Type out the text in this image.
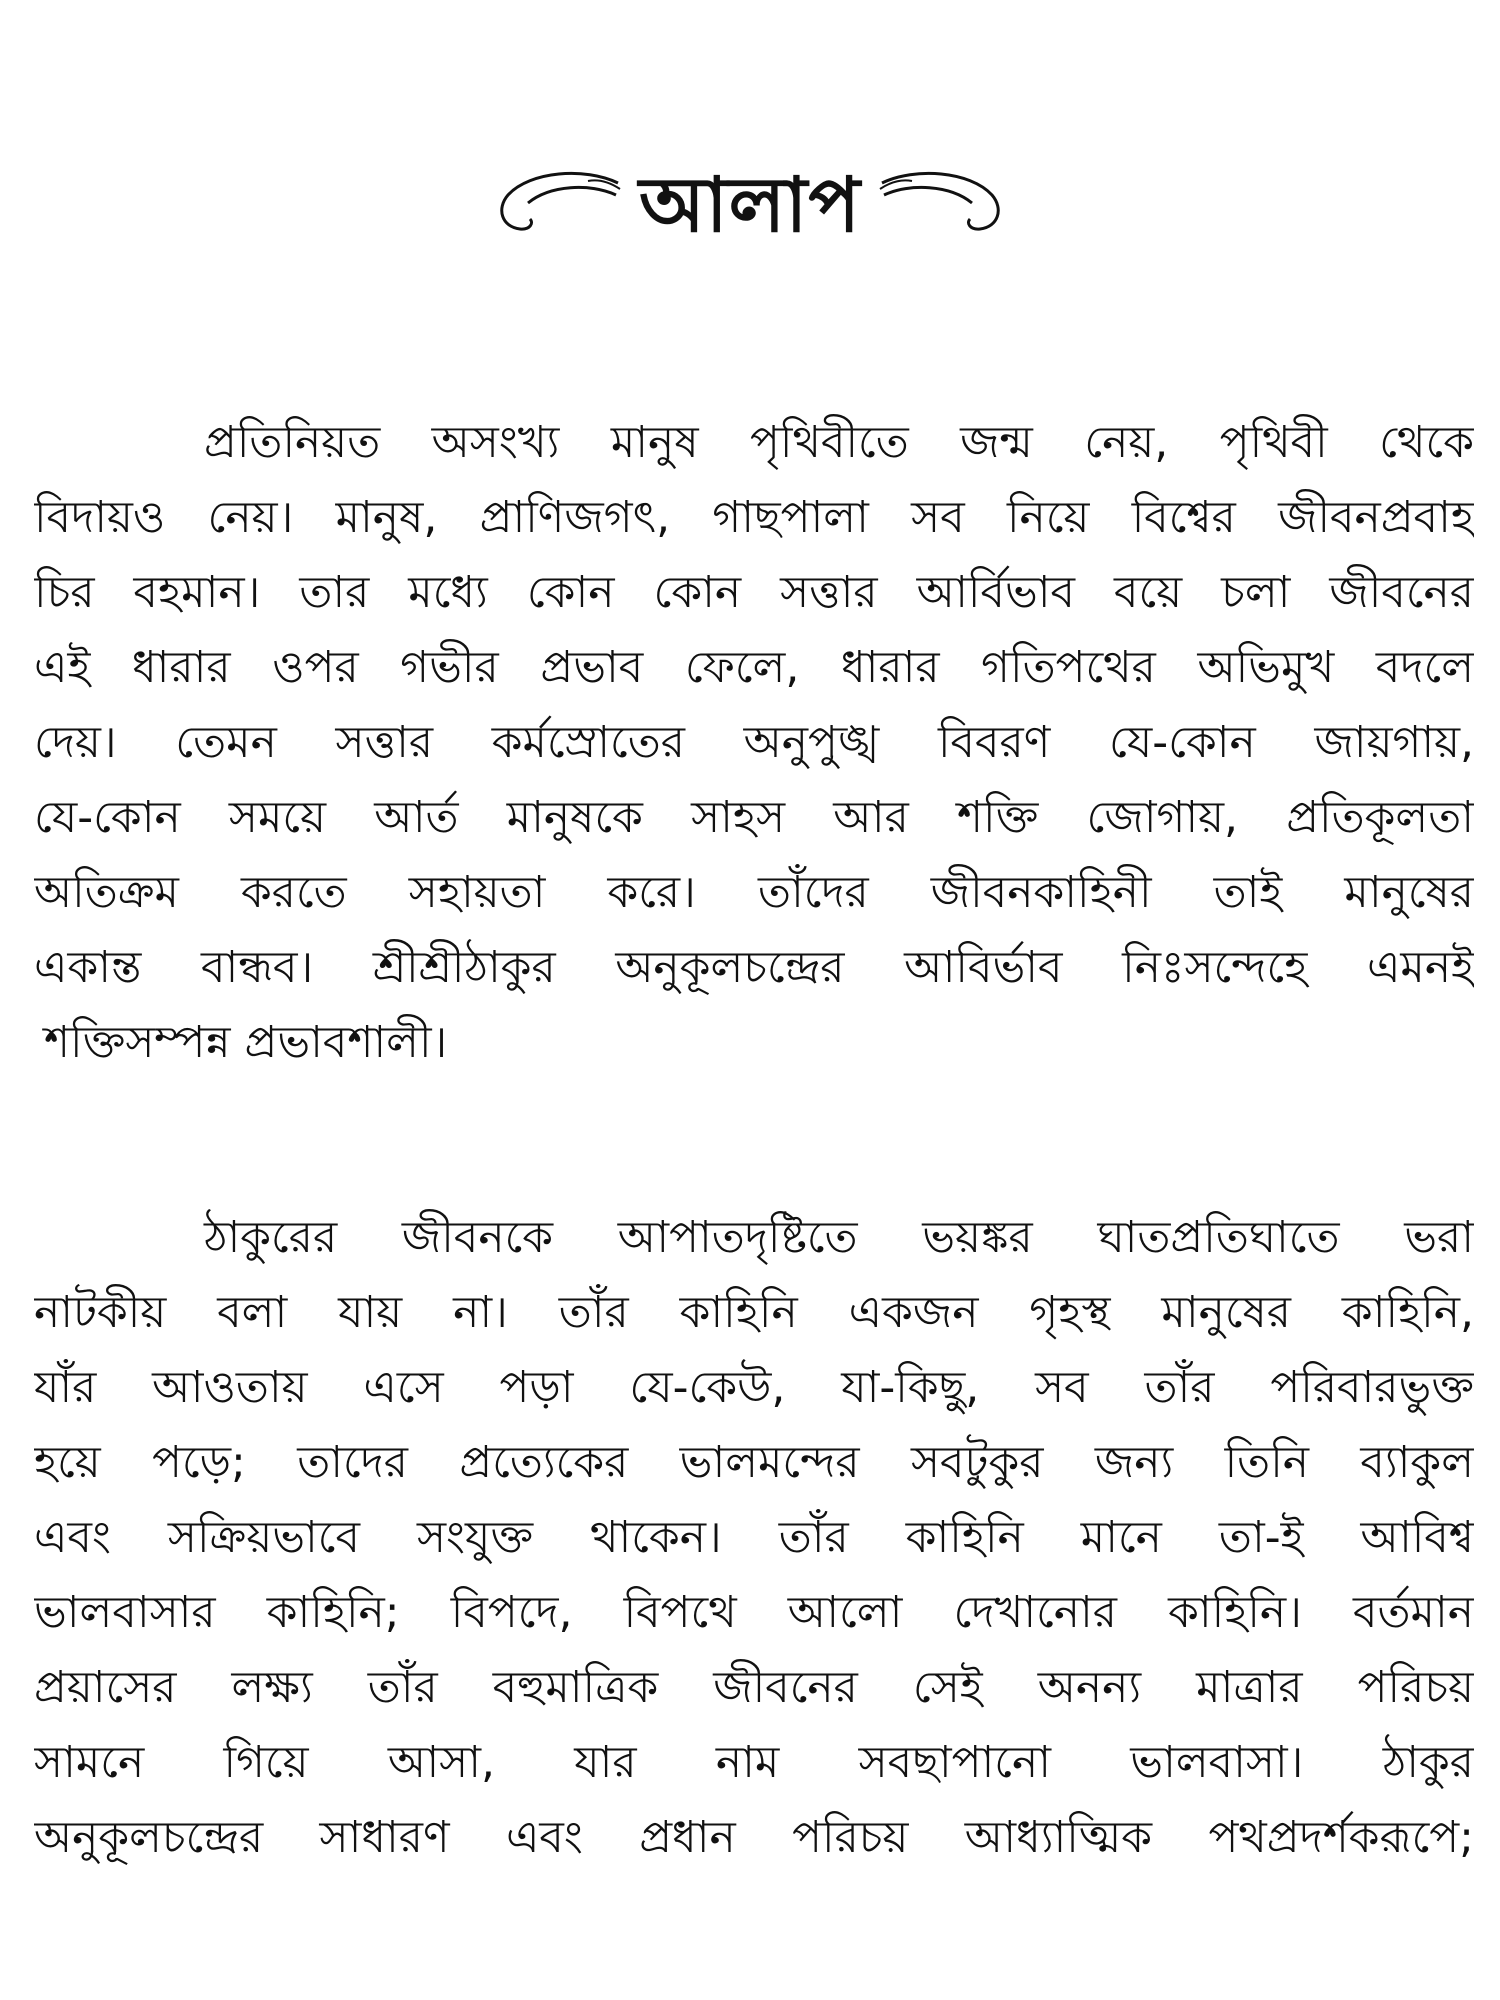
আলাপ
প্রতিনিয়ত অসংখ্য মানুষ পৃথিবীতে জন্ম নেয়, পৃথিবী থেকে
বিদায়ও নেয়। মানুষ, প্রাণিজগৎ, গাছপালা সব নিয়ে বিশ্বের জীবনপ্রবাহ
চির বহমান। তার মধ্যে কোন কোন সত্তার আর্বিভাব বয়ে চলা জীবনের
এই ধারার ওপর গভীর প্রভাব ফেলে, ধারার গতিপথের অভিমুখ বদলে
দেয়। তেমন সত্তার কর্মস্রোতের অনুপুঙ্খ বিবরণ যে-কোন জায়গায়,
যে-কোন সময়ে আর্ত মানুষকে সাহস আর শক্তি জোগায়, প্রতিকূলতা
অতিক্রম করতে সহায়তা করে। তাঁদের জীবনকাহিনী তাই মানুষের
একান্ত বান্ধব। শ্রীশ্রীঠাকুর অনুকূলচন্দ্রের আবির্ভাব নিঃসন্দেহে এমনই
শক্তিসম্পন্ন প্রভাবশালী।
ঠাকুরের জীবনকে আপাতদৃষ্টিতে ভয়ঙ্কর ঘাতপ্রতিঘাতে ভরা
নাটকীয় বলা যায় না। তাঁর কাহিনি একজন গৃহস্থ মানুষের কাহিনি,
যাঁর আওতায় এসে পড়া যে-কেউ, যা-কিছু, সব তাঁর পরিবারভুক্ত
হয়ে পড়ে; তাদের প্রত্যেকের ভালমন্দের সবটুকুর জন্য তিনি ব্যাকুল
এবং সক্রিয়ভাবে সংযুক্ত থাকেন। তাঁর কাহিনি মানে তা-ই আবিশ্ব
ভালবাসার কাহিনি; বিপদে, বিপথে আলো দেখানোর কাহিনি। বর্তমান
প্রয়াসের লক্ষ্য তাঁর বহুমাত্রিক জীবনের সেই অনন্য মাত্রার পরিচয়
সামনে গিয়ে আসা, যার নাম সবছাপানো ভালবাসা। ঠাকুর
অনুকূলচন্দ্রের সাধারণ এবং প্রধান পরিচয় আধ্যাত্মিক পথপ্রদর্শকরূপে;
